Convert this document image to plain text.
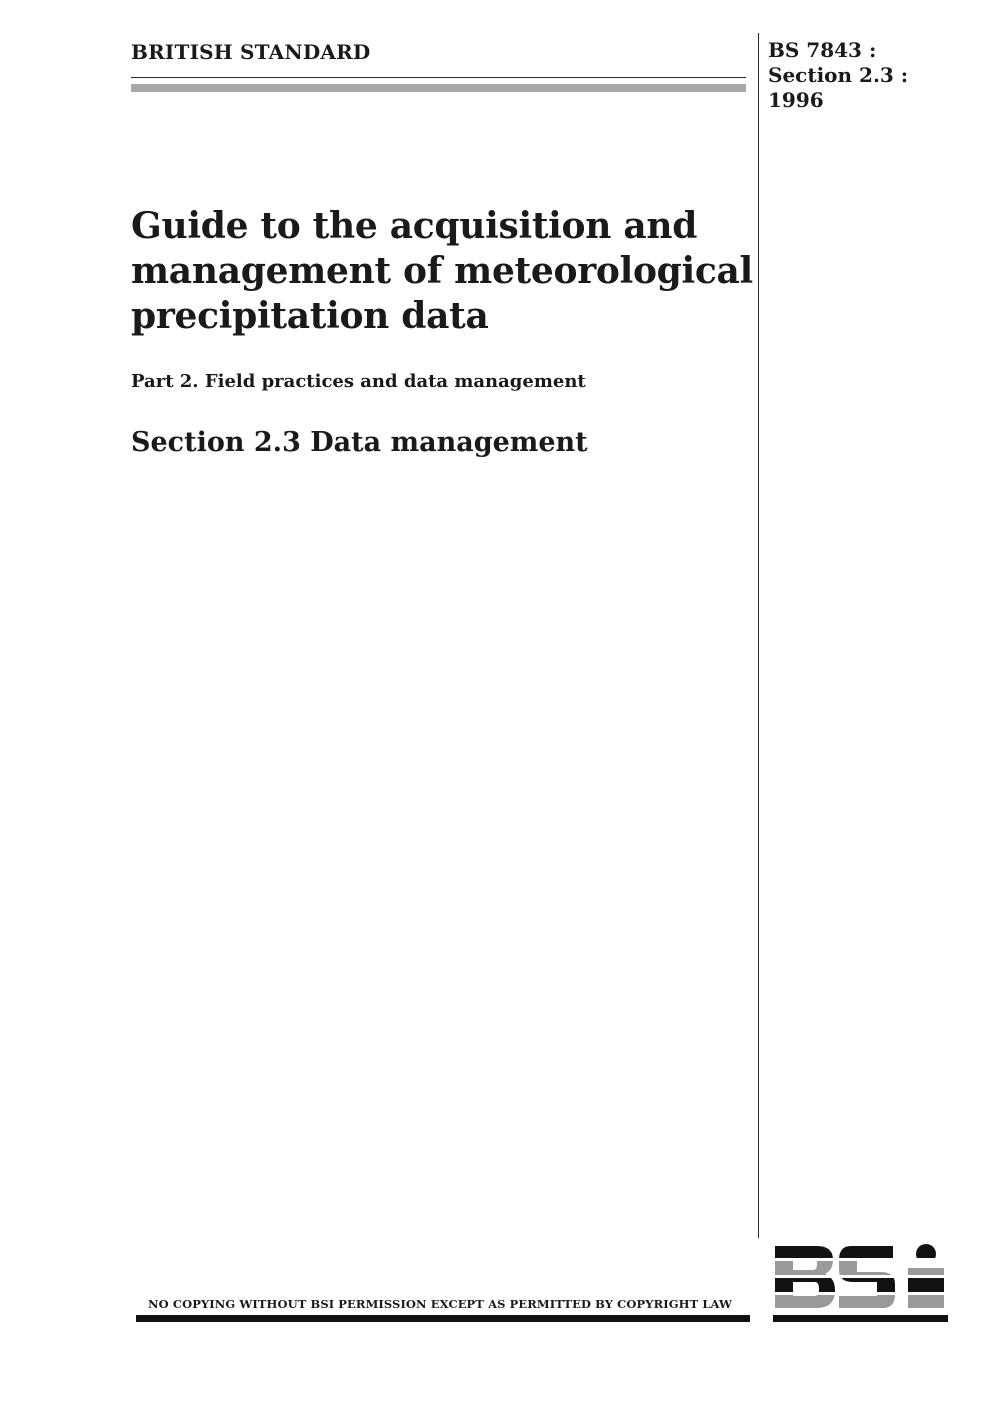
BRITISH STANDARD	BS 7843 :
Section 2.3 :
1996
Guide to the acquisition and
management of meteorological
precipitation data
Part 2. Field practices and data management
Section 2.3 Data management
NO COPYING WITHOUT BSI PERMISSION EXCEPT AS PERMITTED BY COPYRIGHT LAW
